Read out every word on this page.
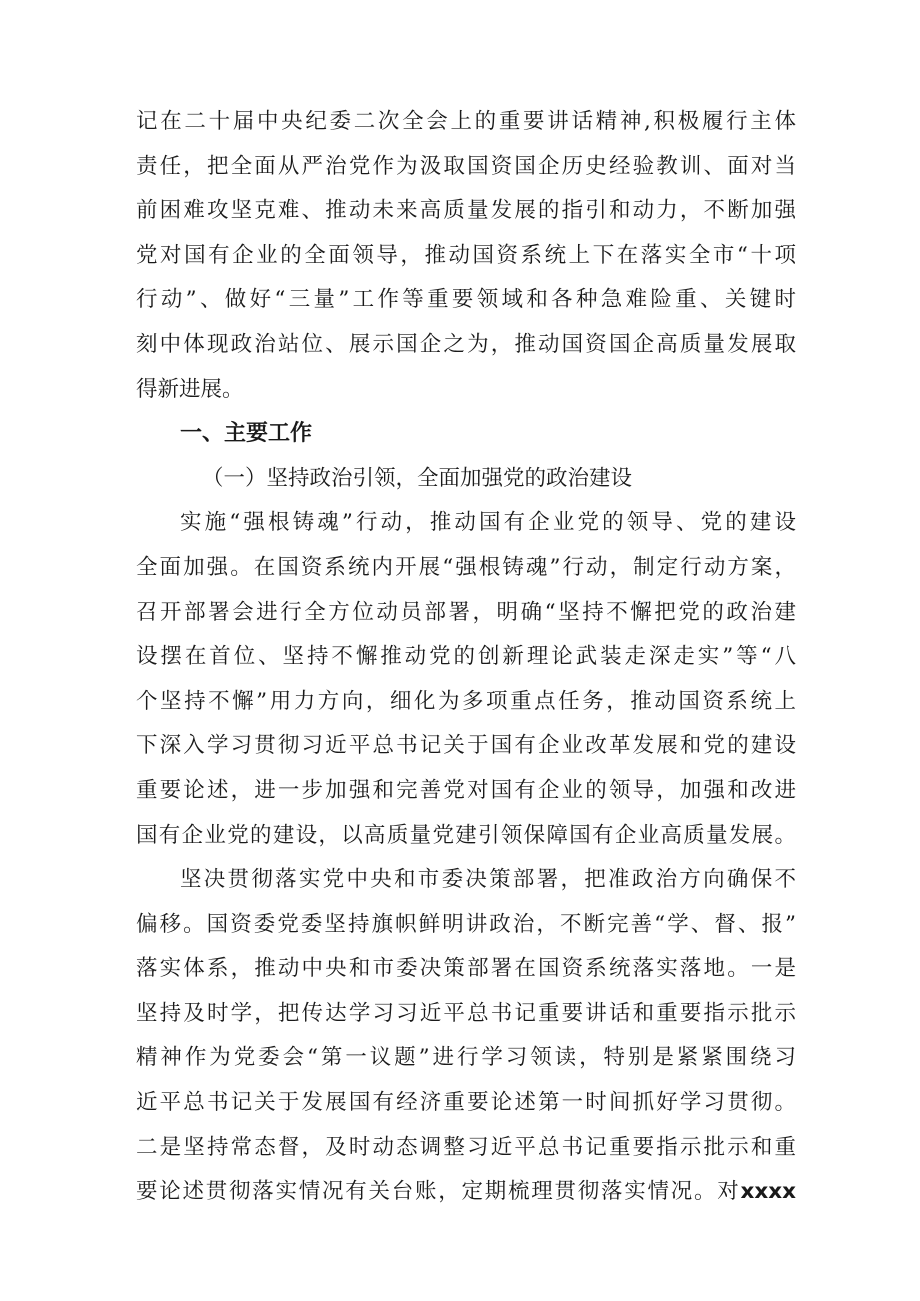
记在二十届中央纪委二次全会上的重要讲话精神,积极履行主体
责任，把全面从严治党作为汲取国资国企历史经验教训、面对当
前困难攻坚克难、推动未来高质量发展的指引和动力，不断加强
党对国有企业的全面领导，推动国资系统上下在落实全市“十项
行动”、做好“三量”工作等重要领域和各种急难险重、关键时
刻中体现政治站位、展示国企之为，推动国资国企高质量发展取
得新进展。
一、主要工作
（一）坚持政治引领，全面加强党的政治建设
实施“强根铸魂”行动，推动国有企业党的领导、党的建设
全面加强。在国资系统内开展“强根铸魂”行动，制定行动方案，
召开部署会进行全方位动员部署，明确“坚持不懈把党的政治建
设摆在首位、坚持不懈推动党的创新理论武装走深走实”等“八
个坚持不懈”用力方向，细化为多项重点任务，推动国资系统上
下深入学习贯彻习近平总书记关于国有企业改革发展和党的建设
重要论述，进一步加强和完善党对国有企业的领导，加强和改进
国有企业党的建设，以高质量党建引领保障国有企业高质量发展。
坚决贯彻落实党中央和市委决策部署，把准政治方向确保不
偏移。国资委党委坚持旗帜鲜明讲政治，不断完善“学、督、报”
落实体系，推动中央和市委决策部署在国资系统落实落地。一是
坚持及时学，把传达学习习近平总书记重要讲话和重要指示批示
精神作为党委会“第一议题”进行学习领读，特别是紧紧围绕习
近平总书记关于发展国有经济重要论述第一时间抓好学习贯彻。
二是坚持常态督，及时动态调整习近平总书记重要指示批示和重
要论述贯彻落实情况有关台账，定期梳理贯彻落实情况。对xxxx
